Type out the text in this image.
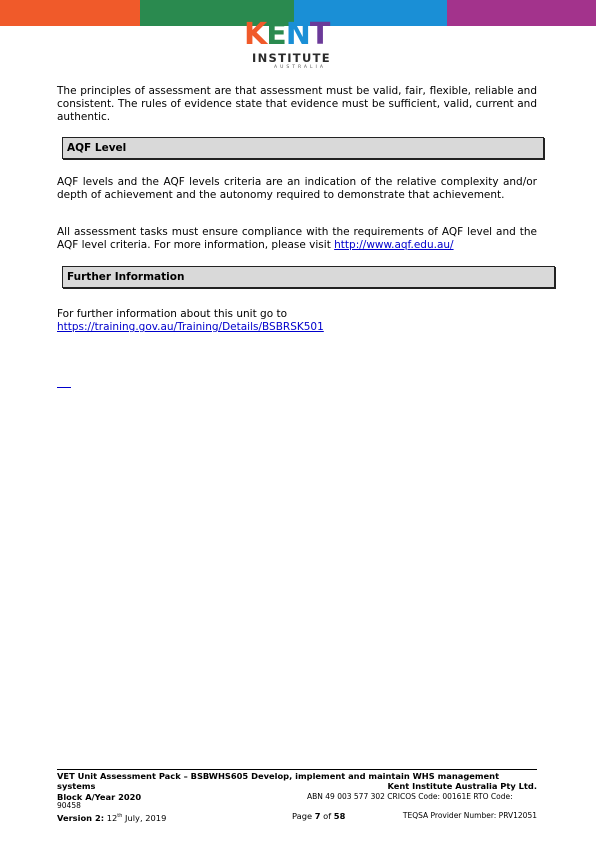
K E N T
INSTITUTE
AUSTRALIA

The principles of assessment are that assessment must be valid, fair, flexible, reliable and consistent. The rules of evidence state that evidence must be sufficient, valid, current and authentic.

AQF Level

AQF levels and the AQF levels criteria are an indication of the relative complexity and/or depth of achievement and the autonomy required to demonstrate that achievement.

All assessment tasks must ensure compliance with the requirements of AQF level and the AQF level criteria. For more information, please visit http://www.aqf.edu.au/

Further Information

For further information about this unit go to
https://training.gov.au/Training/Details/BSBRSK501

VET Unit Assessment Pack – BSBWHS605 Develop, implement and maintain WHS management
systems	Kent Institute Australia Pty Ltd.
Block A/Year 2020	ABN 49 003 577 302 CRICOS Code: 00161E RTO Code:
90458
Version 2: 12th July, 2019	Page 7 of 58	TEQSA Provider Number: PRV12051
